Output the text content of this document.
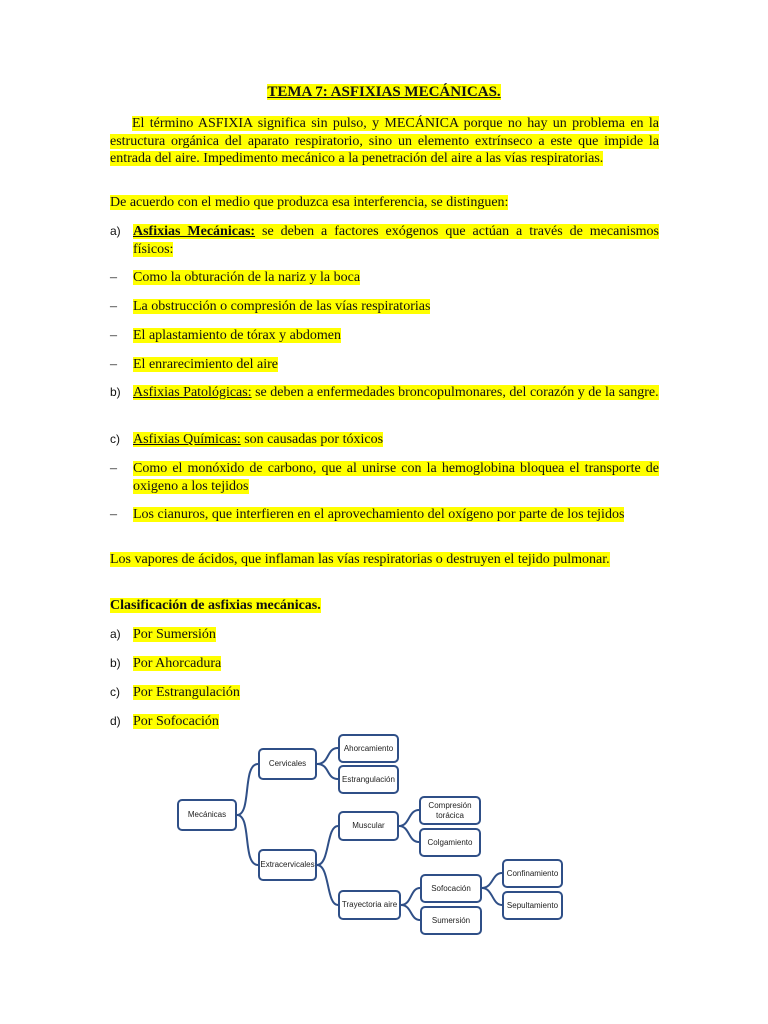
TEMA 7: ASFIXIAS MECÁNICAS.
El término ASFIXIA significa sin pulso, y MECÁNICA porque no hay un problema en la estructura orgánica del aparato respiratorio, sino un elemento extrínseco a este que impide la entrada del aire. Impedimento mecánico a la penetración del aire a las vías respiratorias.
De acuerdo con el medio que produzca esa interferencia, se distinguen:
a) Asfixias Mecánicas: se deben a factores exógenos que actúan a través de mecanismos físicos:
–	Como la obturación de la nariz y la boca
–	La obstrucción o compresión de las vías respiratorias
–	El aplastamiento de tórax y abdomen
–	El enrarecimiento del aire
b) Asfixias Patológicas: se deben a enfermedades broncopulmonares, del corazón y de la sangre.
c) Asfixias Químicas: son causadas por tóxicos
–	Como el monóxido de carbono, que al unirse con la hemoglobina bloquea el transporte de oxigeno a los tejidos
–	Los cianuros, que interfieren en el aprovechamiento del oxígeno por parte de los tejidos
Los vapores de ácidos, que inflaman las vías respiratorias o destruyen el tejido pulmonar.
Clasificación de asfixias mecánicas.
a) Por Sumersión
b) Por Ahorcadura
c) Por Estrangulación
d) Por Sofocación
Mecánicas
Cervicales
Extracervicales
Ahorcamiento
Estrangulación
Muscular
Trayectoria aire
Compresión torácica
Colgamiento
Sofocación
Sumersión
Confinamiento
Sepultamiento
